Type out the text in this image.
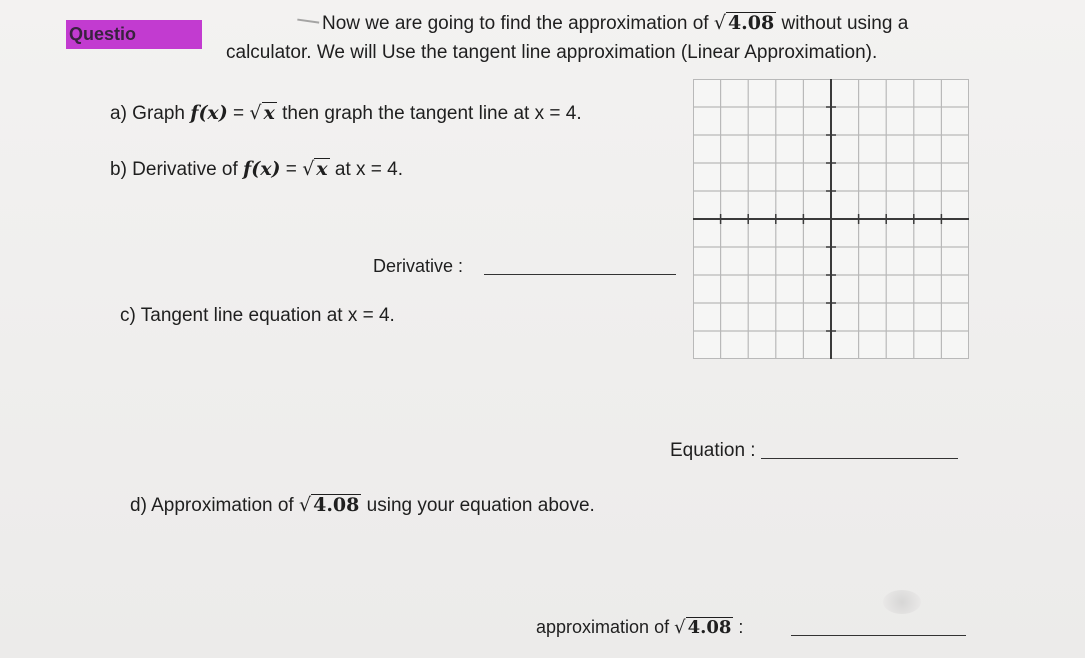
Questio	Now we are going to find the approximation of √ 4.08 without using a
calculator. We will Use the tangent line approximation (Linear Approximation).
a) Graph f(x) = √ x then graph the tangent line at x = 4.
b) Derivative of f(x) = √ x at x = 4.
Derivative :
c) Tangent line equation at x = 4.
Equation :
d) Approximation of √ 4.08 using your equation above.
approximation of √ 4.08 :
